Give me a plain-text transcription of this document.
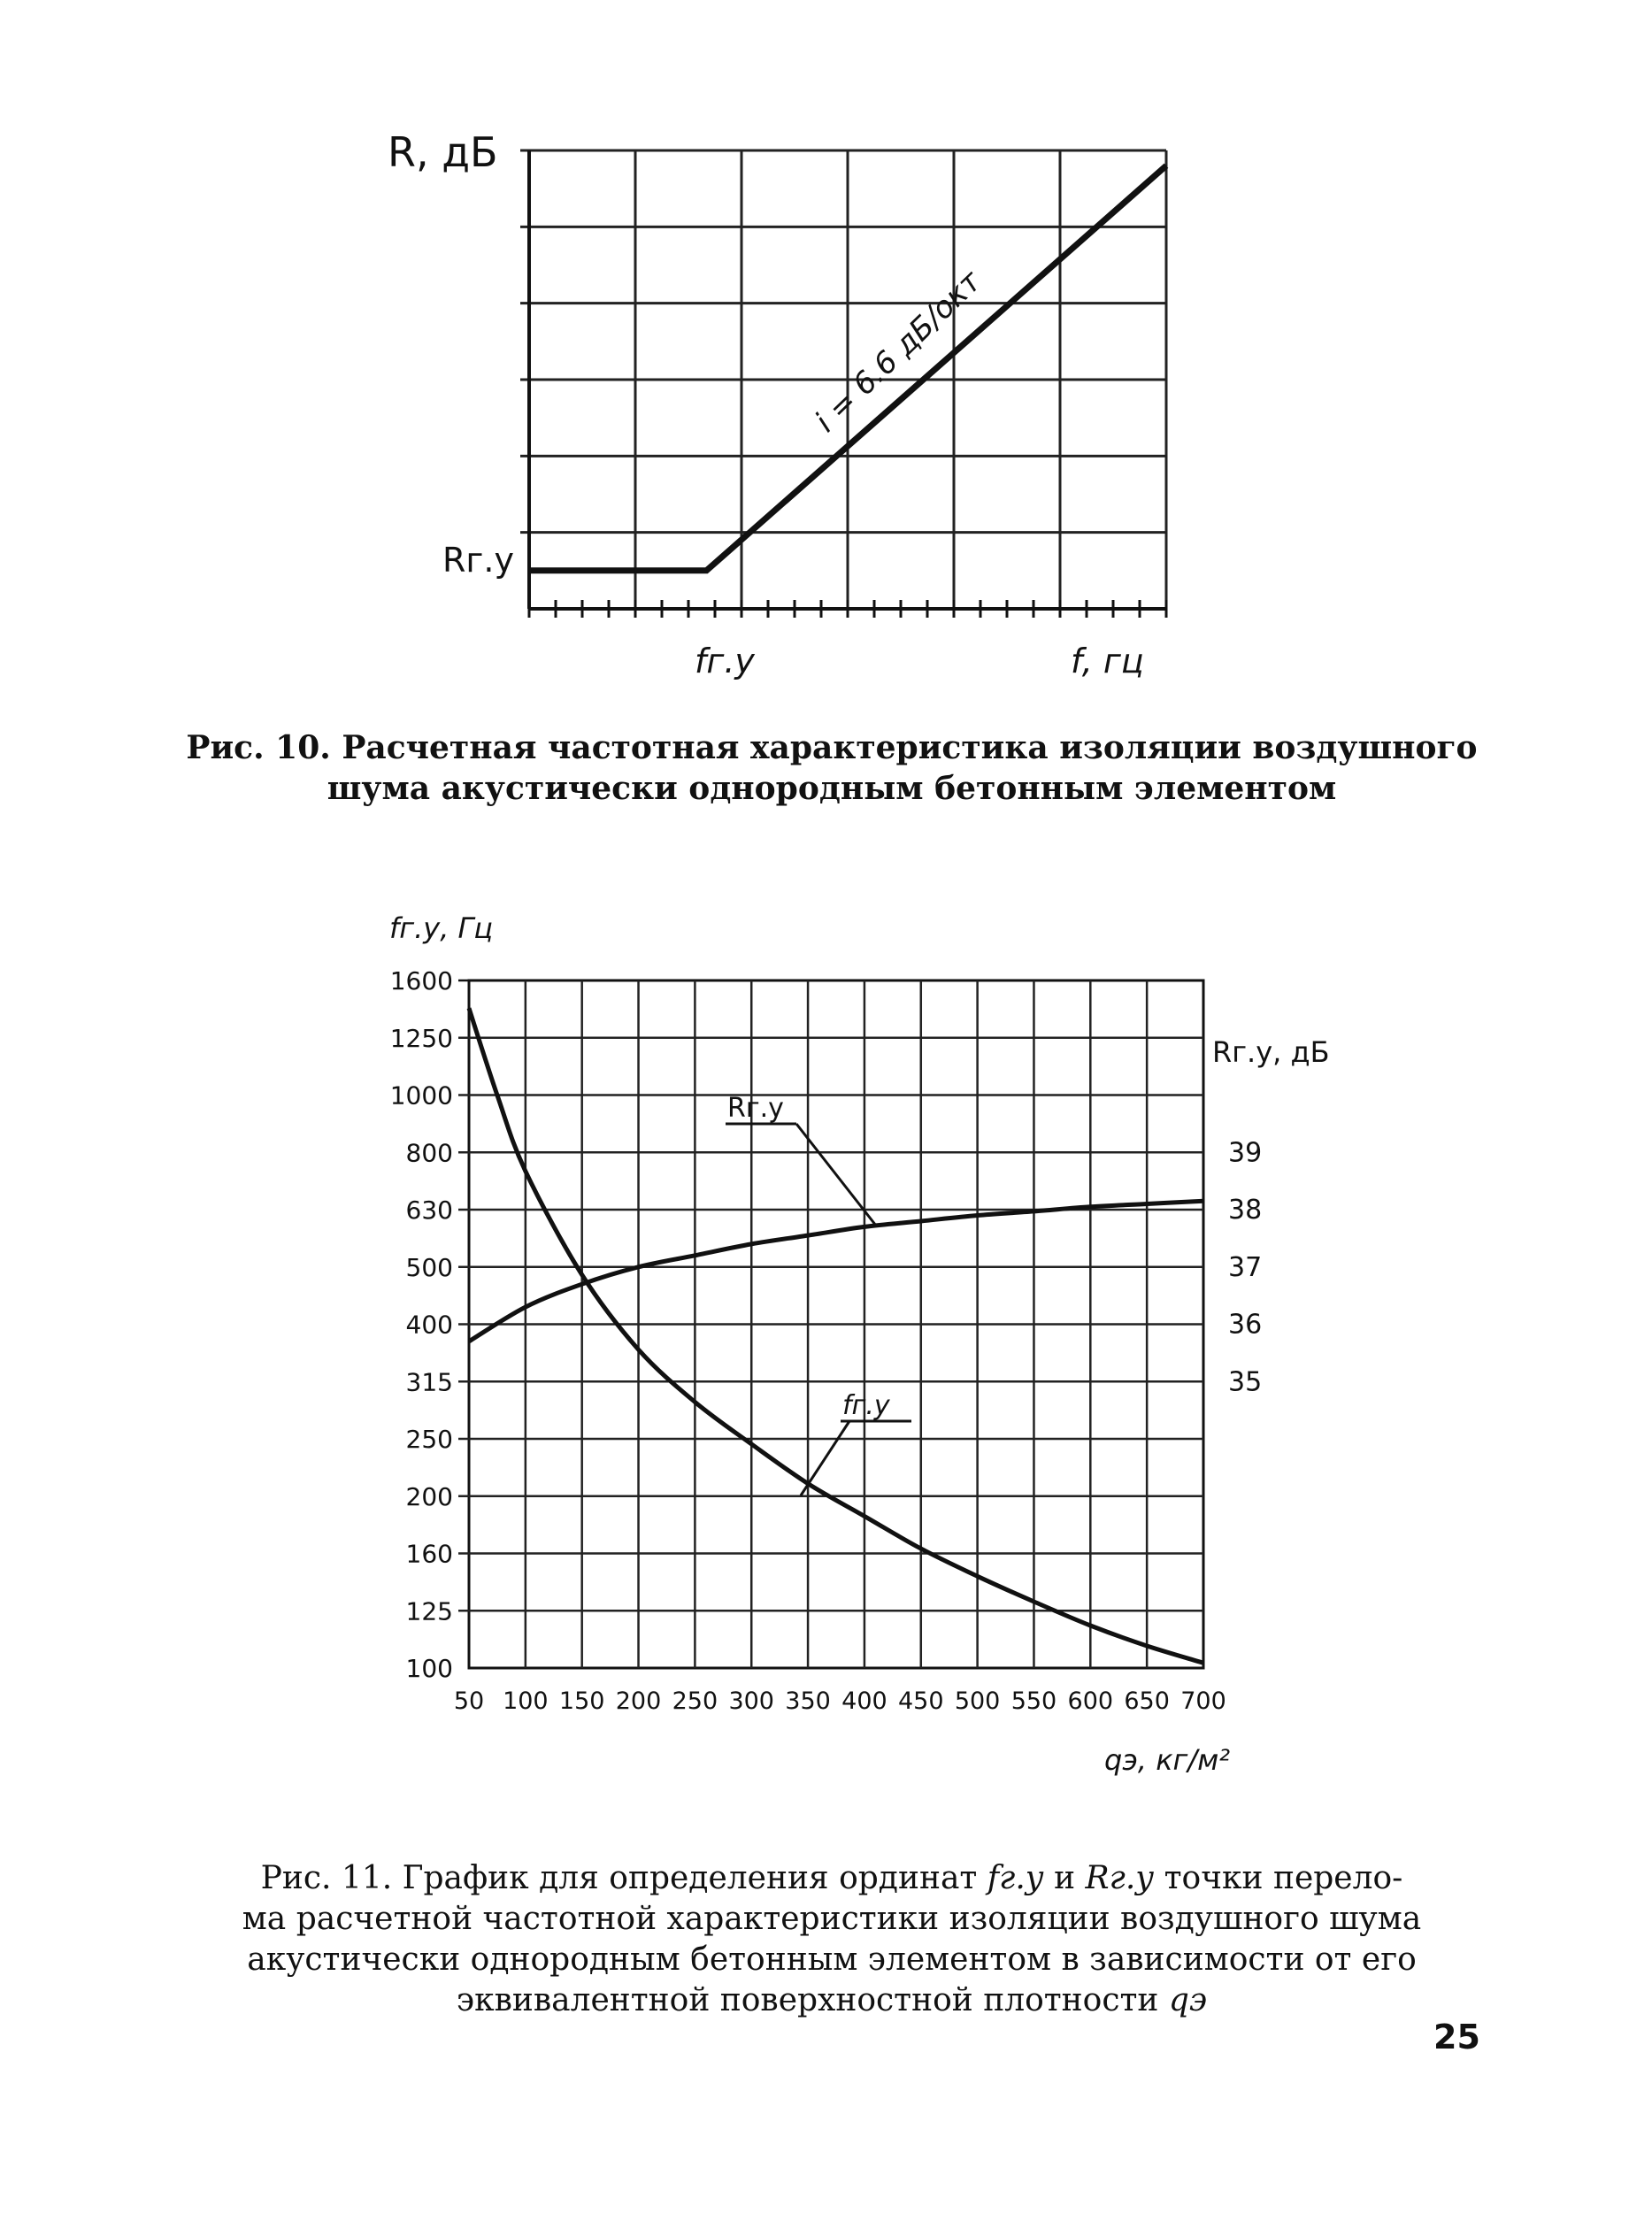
R, дБ
Rг.у
fг.у	f, гц
i = 6.6 дБ/окт
1600
1250
1000
800
630
500
400
315
250
200
160
125
100
39
38
37
36
35
50 100 150 200 250 300 350 400 450 500 550 600 650 700
fг.у, Гц
Rг.у, дБ
qэ, кг/м²
Rг.у
fг.у
Рис. 10. Расчетная частотная характеристика изоляции воздушного
шума акустически однородным бетонным элементом
Рис. 11. График для определения ординат fг.у и Rг.у точки перело-
ма расчетной частотной характеристики изоляции воздушного шума
акустически однородным бетонным элементом в зависимости от его
эквивалентной поверхностной плотности qэ
25
